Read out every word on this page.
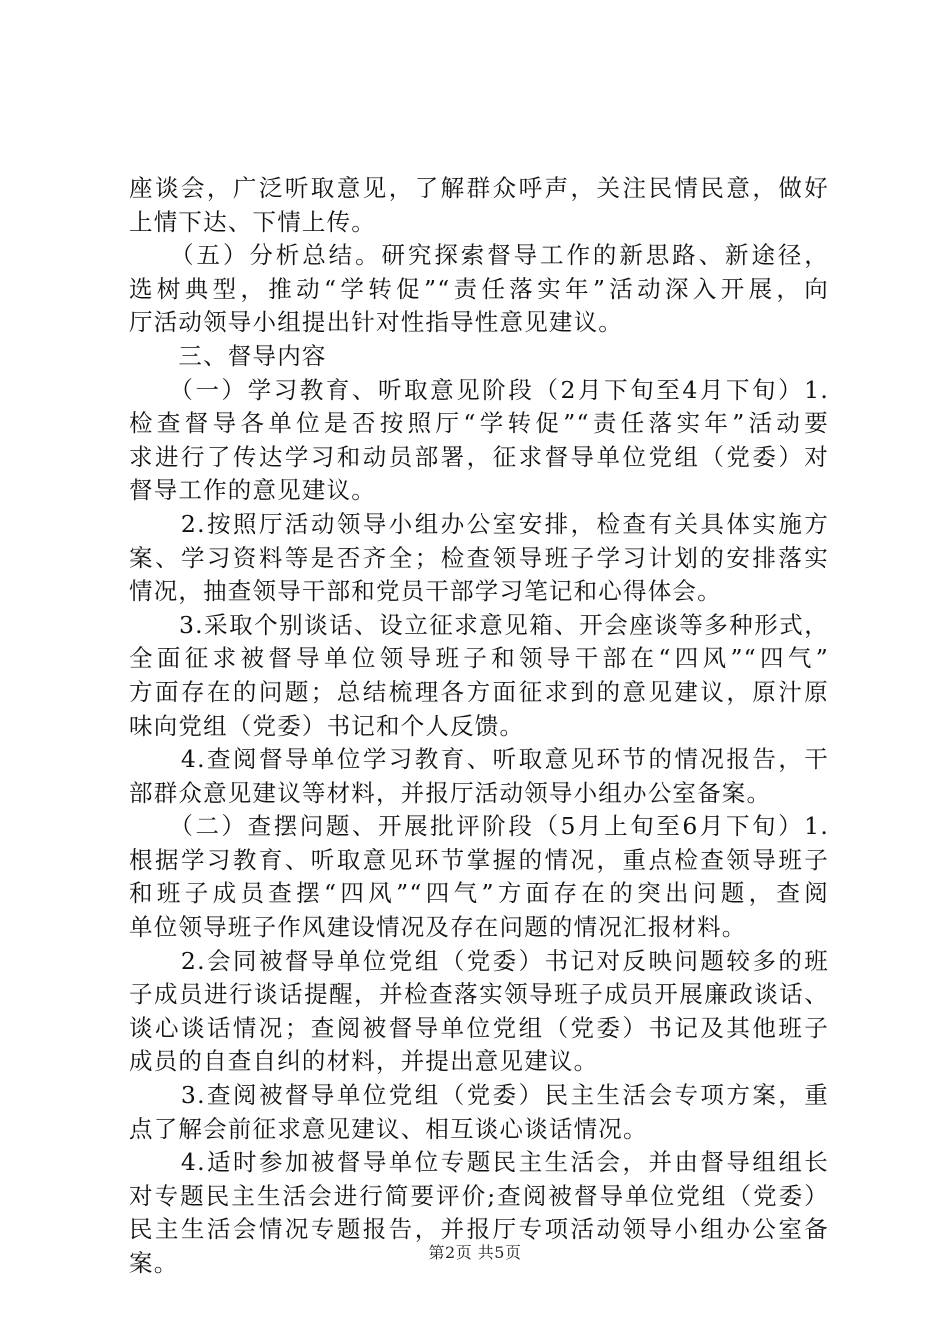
座谈会，广泛听取意见，了解群众呼声，关注民情民意，做好
上情下达、下情上传。

　　（五）分析总结。研究探索督导工作的新思路、新途径，
选树典型，推动“学转促”“责任落实年”活动深入开展，向
厅活动领导小组提出针对性指导性意见建议。

　　三、督导内容

　　（一）学习教育、听取意见阶段（2月下旬至4月下旬）1.
检查督导各单位是否按照厅“学转促”“责任落实年”活动要
求进行了传达学习和动员部署，征求督导单位党组（党委）对
督导工作的意见建议。

　　2.按照厅活动领导小组办公室安排，检查有关具体实施方
案、学习资料等是否齐全；检查领导班子学习计划的安排落实
情况，抽查领导干部和党员干部学习笔记和心得体会。

　　3.采取个别谈话、设立征求意见箱、开会座谈等多种形式，
全面征求被督导单位领导班子和领导干部在“四风”“四气”
方面存在的问题；总结梳理各方面征求到的意见建议，原汁原
味向党组（党委）书记和个人反馈。

　　4.查阅督导单位学习教育、听取意见环节的情况报告，干
部群众意见建议等材料，并报厅活动领导小组办公室备案。

　　（二）查摆问题、开展批评阶段（5月上旬至6月下旬）1.
根据学习教育、听取意见环节掌握的情况，重点检查领导班子
和班子成员查摆“四风”“四气”方面存在的突出问题，查阅
单位领导班子作风建设情况及存在问题的情况汇报材料。

　　2.会同被督导单位党组（党委）书记对反映问题较多的班
子成员进行谈话提醒，并检查落实领导班子成员开展廉政谈话、
谈心谈话情况；查阅被督导单位党组（党委）书记及其他班子
成员的自查自纠的材料，并提出意见建议。

　　3.查阅被督导单位党组（党委）民主生活会专项方案，重
点了解会前征求意见建议、相互谈心谈话情况。

　　4.适时参加被督导单位专题民主生活会，并由督导组组长
对专题民主生活会进行简要评价;查阅被督导单位党组（党委）
民主生活会情况专题报告，并报厅专项活动领导小组办公室备
案。	第2页 共5页
